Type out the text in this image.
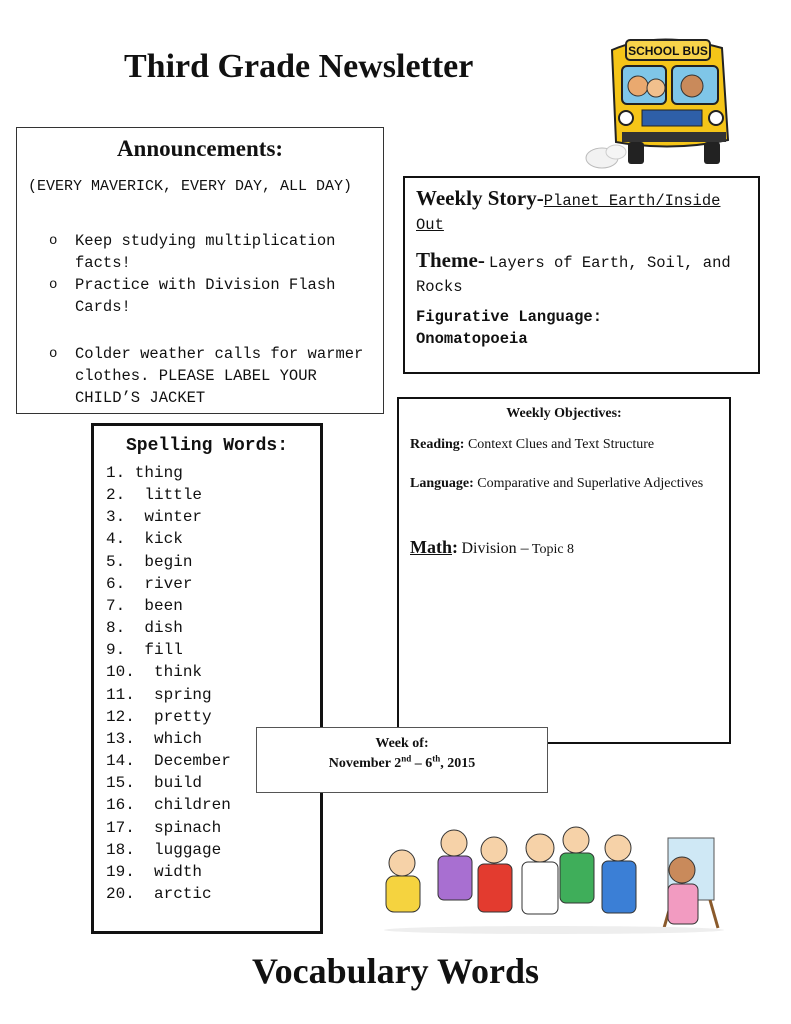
Third Grade Newsletter	SCHOOL BUS
Announcements:
(EVERY MAVERICK, EVERY DAY, ALL DAY)
o	Keep studying multiplication facts!
o	Practice with Division Flash Cards!
o	Colder weather calls for warmer clothes. PLEASE LABEL YOUR CHILD’S JACKET
Weekly Story-Planet Earth/Inside Out
Theme- Layers of Earth, Soil, and Rocks
Figurative Language:
Onomatopoeia
Weekly Objectives:
Reading: Context Clues and Text Structure
Language: Comparative and Superlative Adjectives
Math: Division – Topic 8
Spelling Words:
1. thing
2.  little
3.  winter
4.  kick
5.  begin
6.  river
7.  been
8.  dish
9.  fill
10.  think
11.  spring
12.  pretty
13.  which
14.  December
15.  build
16.  children
17.  spinach
18.  luggage
19.  width
20.  arctic
Week of:
November 2nd – 6th, 2015
Vocabulary Words
